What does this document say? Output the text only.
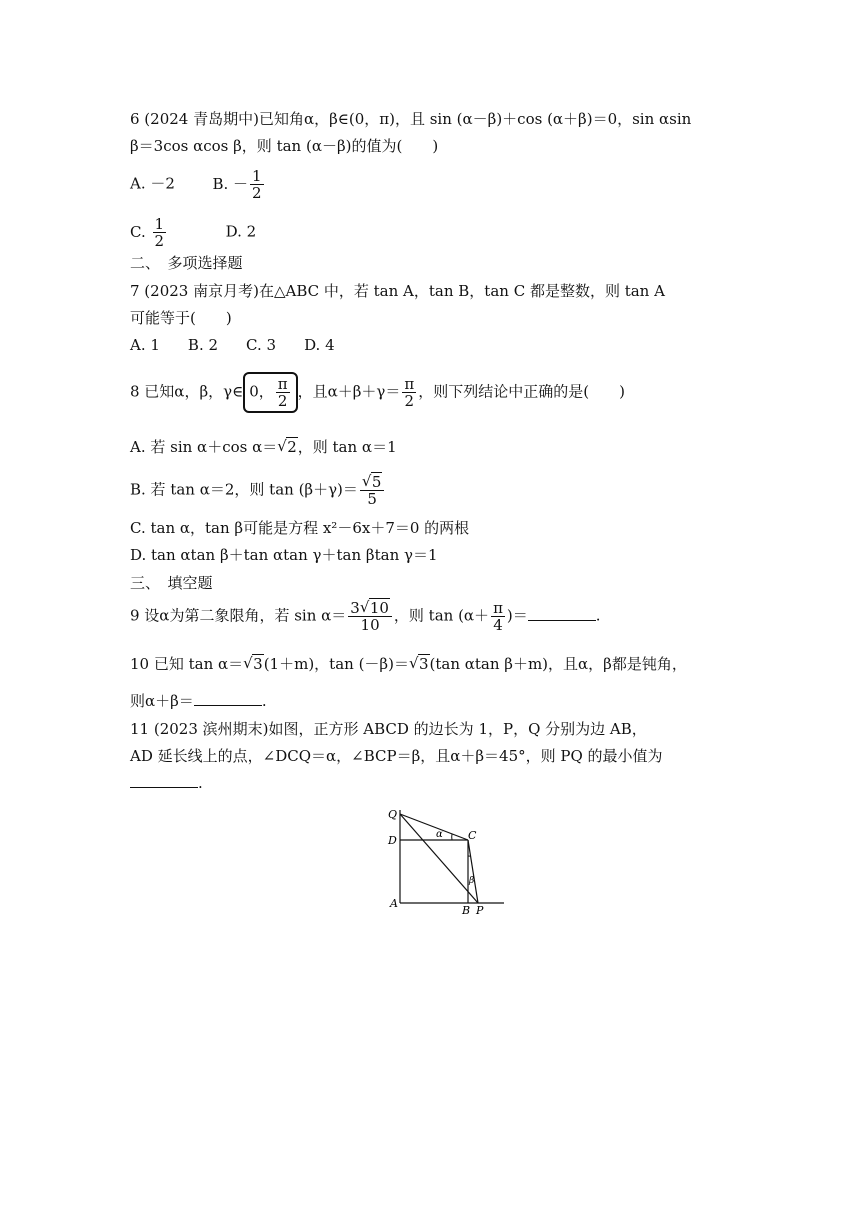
6 (2024 青岛期中)已知角α，β∈(0，π)，且 sin (α－β)＋cos (α＋β)＝0，sin αsin
β＝3cos αcos β，则 tan (α－β)的值为(　　)
A. －2	B. － $\frac{1}{2}$
C. $\frac{1}{2}$	D. 2
二、　多项选择题
7 (2023 南京月考)在△ABC 中，若 tan A，tan B，tan C 都是整数，则 tan A
可能等于(　　)
A. 1 B. 2 C. 3 D. 4
8 已知α，β，γ∈ 0， $\frac{\pi}{2}$ ，且$\alpha+\beta+\gamma= \frac{\pi}{2}$ ，则下列结论中正确的是(　　)
A. 若 sin α＋cos α＝ √ 2，则 tan α＝1
B. 若 tan α＝2，则 tan (β＋γ)＝ √ $\frac{5}{5}$
C. tan α，tan β可能是方程 x²－6x＋7＝0 的两根
D. tan αtan β＋tan αtan γ＋tan βtan γ＝1
三、　填空题
9 设α为第二象限角，若 $\sin \alpha= \frac{3 √ 10}{10}$ ，则 $\tan (\alpha+ \frac{\pi}{4}$ )＝	.
10 已知 tan α＝ √ 3(1＋m)，tan (－β)＝ √ 3(tan αtan β＋m)，且α，β都是钝角，
则α＋β＝	.
11 (2023 滨州期末)如图，正方形 ABCD 的边长为 1，P，Q 分别为边 AB，
AD 延长线上的点，∠DCQ＝α，∠BCP＝β，且α＋β＝45°，则 PQ 的最小值为
.
Q
D	C
A
B P
α
β
